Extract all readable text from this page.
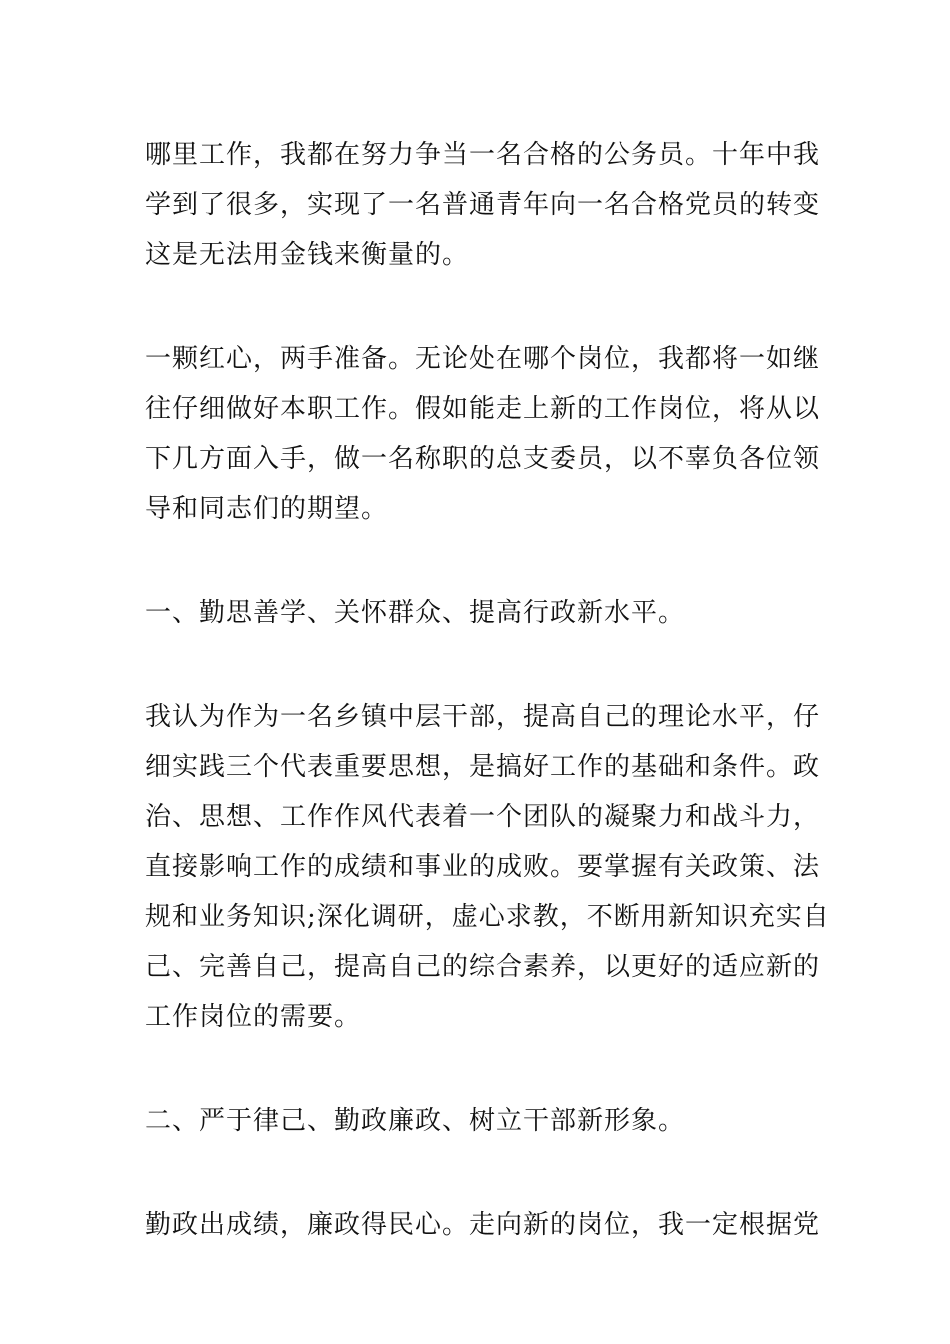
哪里工作，我都在努力争当一名合格的公务员。十年中我
学到了很多，实现了一名普通青年向一名合格党员的转变
这是无法用金钱来衡量的。
一颗红心，两手准备。无论处在哪个岗位，我都将一如继
往仔细做好本职工作。假如能走上新的工作岗位，将从以
下几方面入手，做一名称职的总支委员，以不辜负各位领
导和同志们的期望。
一、勤思善学、关怀群众、提高行政新水平。
我认为作为一名乡镇中层干部，提高自己的理论水平，仔
细实践三个代表重要思想，是搞好工作的基础和条件。政
治、思想、工作作风代表着一个团队的凝聚力和战斗力，
直接影响工作的成绩和事业的成败。要掌握有关政策、法
规和业务知识;深化调研，虚心求教，不断用新知识充实自
己、完善自己，提高自己的综合素养，以更好的适应新的
工作岗位的需要。
二、严于律己、勤政廉政、树立干部新形象。
勤政出成绩，廉政得民心。走向新的岗位，我一定根据党
